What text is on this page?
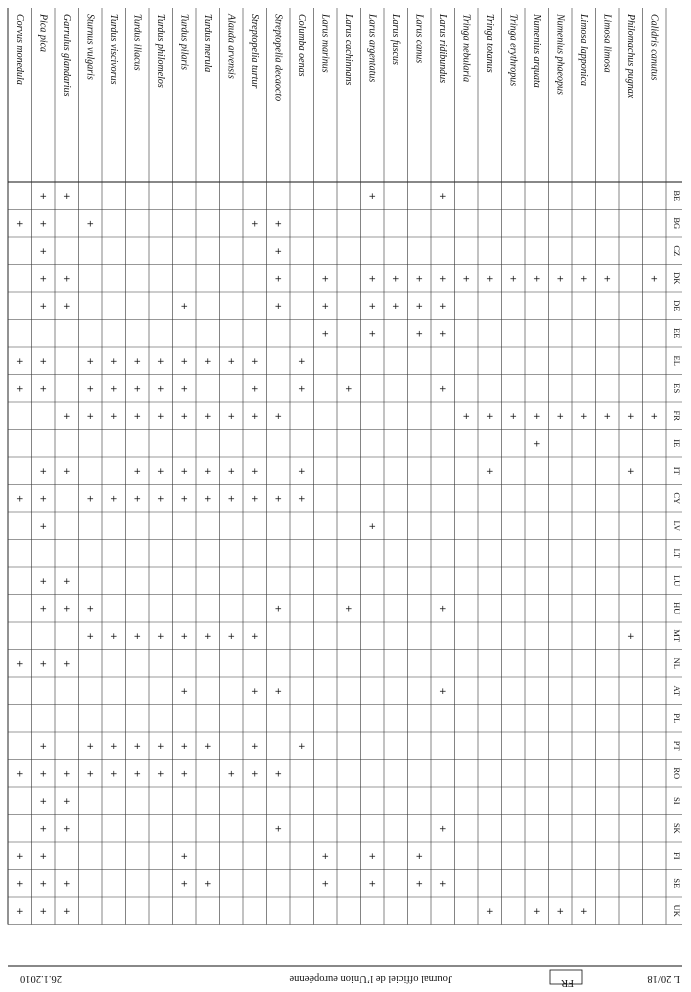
Calidris canutus
Philomachus pugnax
Limosa limosa
Limosa lapponica
Numenius phaeopus
Numenius arquata
Tringa erythropus
Tringa totanus
Tringa nebularia
Larus ridibundus
Larus canus
Larus fuscus
Larus argentatus
Larus cachinnans
Larus marinus
Columba oenas
Streptopelia decaocto
Streptopelia turtur
Alauda arvensis
Turdus merula
Turdus pilaris
Turdus philomelos
Turdus iliacus
Turdus viscivorus
Sturnus vulgaris
Garrulus glandarius
Pica pica
Corvus monedula
BE
BG
CZ
DK
DE
EE
EL
ES
FR
IE
IT
CY
LV
LT
LU
HU
MT
NL
AT
PL
PT
RO
SI
SK
FI
SE
UK
+
+
+
+
+
+
+
+
+
+
+
+
+
+
+
+
+
+
+
+
+
+
+
+
+
+
+
+
+
+
+
+
+
+
+
+
+
+
+
+
+
+
+
+
+
+
+
+
+
+
+
+
+
+
+
+
+
+
+
+
+
+
+
+
+
+
+
+
+
+
+
+
+
+
+
+
+
+
+
+
+
+
+
+
+
+
+
+
+
+
+
+
+
+
+
+
+
+
+
+
+
+
+
+
+
+
+
+
+
+
+
+
+
+
+
+
+
+
+
+
+
+
+
+
+
+
+
+
+
+
+
+
+
+
+
+
+
+
+
+
+
+
+
+
+
+
+
+
+
+
+
+
+
+
+
+
+
+
+
+
+
+
+
+
+
+
+
+
+
+
+
+
+
+
+
+
+
+
+
L 20/18
FR
Journal officiel de l’Union européenne
26.1.2010
